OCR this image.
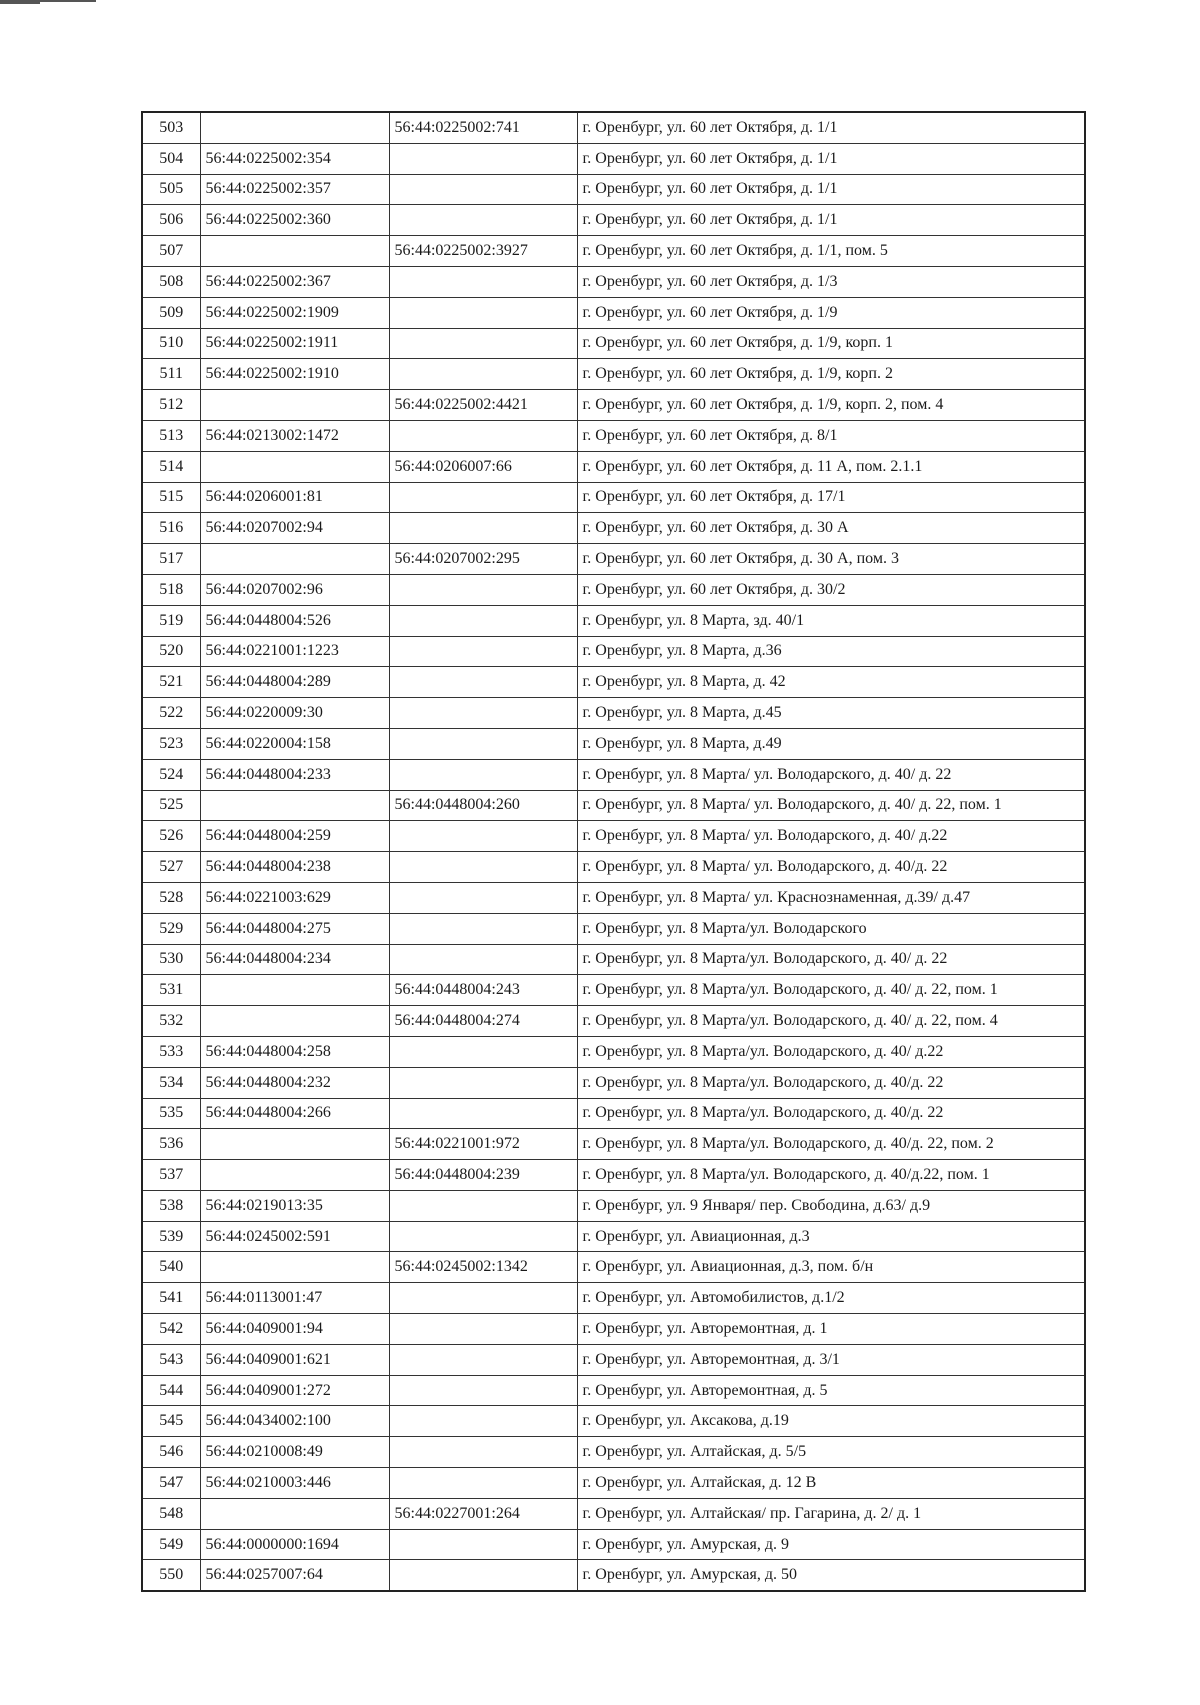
503		56:44:0225002:741	г. Оренбург, ул. 60 лет Октября, д. 1/1
504	56:44:0225002:354		г. Оренбург, ул. 60 лет Октября, д. 1/1
505	56:44:0225002:357		г. Оренбург, ул. 60 лет Октября, д. 1/1
506	56:44:0225002:360		г. Оренбург, ул. 60 лет Октября, д. 1/1
507		56:44:0225002:3927	г. Оренбург, ул. 60 лет Октября, д. 1/1, пом. 5
508	56:44:0225002:367		г. Оренбург, ул. 60 лет Октября, д. 1/3
509	56:44:0225002:1909		г. Оренбург, ул. 60 лет Октября, д. 1/9
510	56:44:0225002:1911		г. Оренбург, ул. 60 лет Октября, д. 1/9, корп. 1
511	56:44:0225002:1910		г. Оренбург, ул. 60 лет Октября, д. 1/9, корп. 2
512		56:44:0225002:4421	г. Оренбург, ул. 60 лет Октября, д. 1/9, корп. 2, пом. 4
513	56:44:0213002:1472		г. Оренбург, ул. 60 лет Октября, д. 8/1
514		56:44:0206007:66	г. Оренбург, ул. 60 лет Октября, д. 11 А, пом. 2.1.1
515	56:44:0206001:81		г. Оренбург, ул. 60 лет Октября, д. 17/1
516	56:44:0207002:94		г. Оренбург, ул. 60 лет Октября, д. 30 А
517		56:44:0207002:295	г. Оренбург, ул. 60 лет Октября, д. 30 А, пом. 3
518	56:44:0207002:96		г. Оренбург, ул. 60 лет Октября, д. 30/2
519	56:44:0448004:526		г. Оренбург, ул. 8 Марта, зд. 40/1
520	56:44:0221001:1223		г. Оренбург, ул. 8 Марта, д.36
521	56:44:0448004:289		г. Оренбург, ул. 8 Марта, д. 42
522	56:44:0220009:30		г. Оренбург, ул. 8 Марта, д.45
523	56:44:0220004:158		г. Оренбург, ул. 8 Марта, д.49
524	56:44:0448004:233		г. Оренбург, ул. 8 Марта/ ул. Володарского, д. 40/ д. 22
525		56:44:0448004:260	г. Оренбург, ул. 8 Марта/ ул. Володарского, д. 40/ д. 22, пом. 1
526	56:44:0448004:259		г. Оренбург, ул. 8 Марта/ ул. Володарского, д. 40/ д.22
527	56:44:0448004:238		г. Оренбург, ул. 8 Марта/ ул. Володарского, д. 40/д. 22
528	56:44:0221003:629		г. Оренбург, ул. 8 Марта/ ул. Краснознаменная, д.39/ д.47
529	56:44:0448004:275		г. Оренбург, ул. 8 Марта/ул. Володарского
530	56:44:0448004:234		г. Оренбург, ул. 8 Марта/ул. Володарского, д. 40/ д. 22
531		56:44:0448004:243	г. Оренбург, ул. 8 Марта/ул. Володарского, д. 40/ д. 22, пом. 1
532		56:44:0448004:274	г. Оренбург, ул. 8 Марта/ул. Володарского, д. 40/ д. 22, пом. 4
533	56:44:0448004:258		г. Оренбург, ул. 8 Марта/ул. Володарского, д. 40/ д.22
534	56:44:0448004:232		г. Оренбург, ул. 8 Марта/ул. Володарского, д. 40/д. 22
535	56:44:0448004:266		г. Оренбург, ул. 8 Марта/ул. Володарского, д. 40/д. 22
536		56:44:0221001:972	г. Оренбург, ул. 8 Марта/ул. Володарского, д. 40/д. 22, пом. 2
537		56:44:0448004:239	г. Оренбург, ул. 8 Марта/ул. Володарского, д. 40/д.22, пом. 1
538	56:44:0219013:35		г. Оренбург, ул. 9 Января/ пер. Свободина, д.63/ д.9
539	56:44:0245002:591		г. Оренбург, ул. Авиационная, д.3
540		56:44:0245002:1342	г. Оренбург, ул. Авиационная, д.3, пом. б/н
541	56:44:0113001:47		г. Оренбург, ул. Автомобилистов, д.1/2
542	56:44:0409001:94		г. Оренбург, ул. Авторемонтная, д. 1
543	56:44:0409001:621		г. Оренбург, ул. Авторемонтная, д. 3/1
544	56:44:0409001:272		г. Оренбург, ул. Авторемонтная, д. 5
545	56:44:0434002:100		г. Оренбург, ул. Аксакова, д.19
546	56:44:0210008:49		г. Оренбург, ул. Алтайская, д. 5/5
547	56:44:0210003:446		г. Оренбург, ул. Алтайская, д. 12 В
548		56:44:0227001:264	г. Оренбург, ул. Алтайская/ пр. Гагарина, д. 2/ д. 1
549	56:44:0000000:1694		г. Оренбург, ул. Амурская, д. 9
550	56:44:0257007:64		г. Оренбург, ул. Амурская, д. 50
